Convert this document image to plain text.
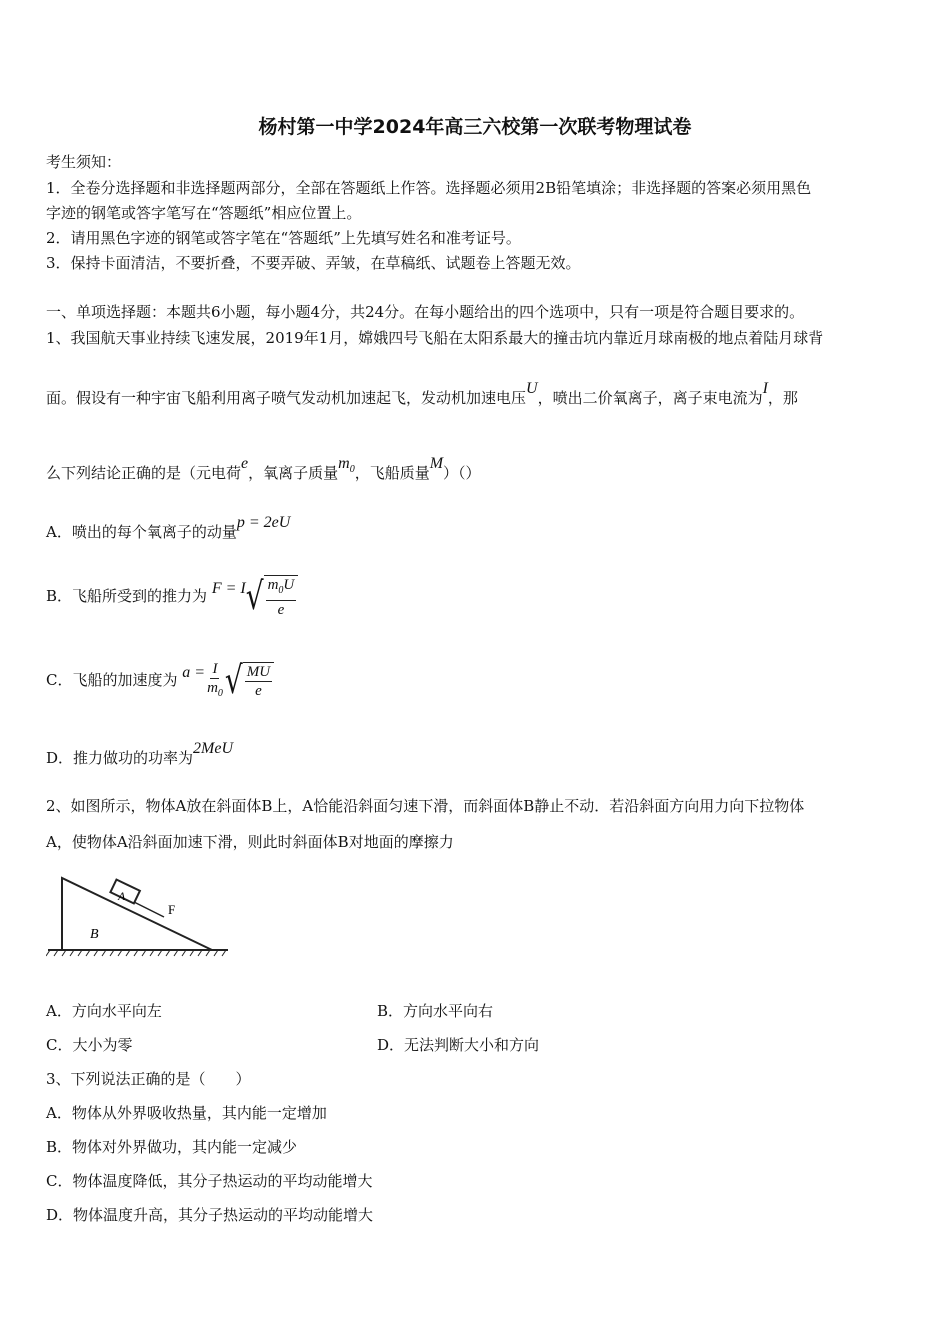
杨村第一中学2024年高三六校第一次联考物理试卷
考生须知：
1．全卷分选择题和非选择题两部分，全部在答题纸上作答。选择题必须用2B铅笔填涂；非选择题的答案必须用黑色
字迹的钢笔或答字笔写在“答题纸”相应位置上。
2．请用黑色字迹的钢笔或答字笔在“答题纸”上先填写姓名和准考证号。
3．保持卡面清洁，不要折叠，不要弄破、弄皱，在草稿纸、试题卷上答题无效。
一、单项选择题：本题共6小题，每小题4分，共24分。在每小题给出的四个选项中，只有一项是符合题目要求的。
1、我国航天事业持续飞速发展，2019年1月，嫦娥四号飞船在太阳系最大的撞击坑内靠近月球南极的地点着陆月球背
面。假设有一种宇宙飞船利用离子喷气发动机加速起飞，发动机加速电压U，喷出二价氧离子，离子束电流为I，那
么下列结论正确的是（元电荷e，氧离子质量$m_0$，飞船质量M）（）
A．喷出的每个氧离子的动量p = 2eU
B．飞船所受到的推力为 F = I √ $\frac{m_0U}{e}$
C．飞船的加速度为 $a = \frac{I}{m_0}$ √ $\frac{MU}{e}$
D．推力做功的功率为2MeU
2、如图所示，物体A放在斜面体B上，A恰能沿斜面匀速下滑，而斜面体B静止不动．若沿斜面方向用力向下拉物体
A，使物体A沿斜面加速下滑，则此时斜面体B对地面的摩擦力
A
B
F
A．方向水平向左	B．方向水平向右
C．大小为零	D．无法判断大小和方向
3、下列说法正确的是（　　）
A．物体从外界吸收热量，其内能一定增加
B．物体对外界做功，其内能一定减少
C．物体温度降低，其分子热运动的平均动能增大
D．物体温度升高，其分子热运动的平均动能增大
